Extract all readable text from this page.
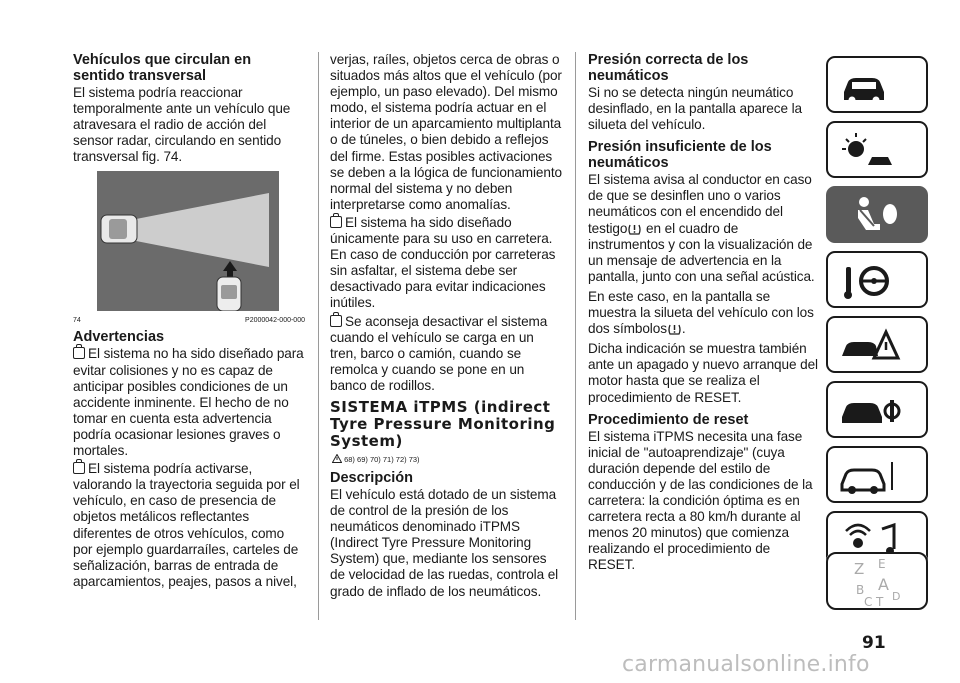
Vehículos que circulan en sentido transversal

El sistema podría reaccionar temporalmente ante un vehículo que atravesara el radio de acción del sensor radar, circulando en sentido transversal fig. 74.

74	P2000042-000-000
Advertencias

El sistema no ha sido diseñado para evitar colisiones y no es capaz de anticipar posibles condiciones de un accidente inminente. El hecho de no tomar en cuenta esta advertencia podría ocasionar lesiones graves o mortales.

El sistema podría activarse, valorando la trayectoria seguida por el vehículo, en caso de presencia de objetos metálicos reflectantes diferentes de otros vehículos, como por ejemplo guardarraíles, carteles de señalización, barras de entrada de aparcamientos, peajes, pasos a nivel,

verjas, raíles, objetos cerca de obras o situados más altos que el vehículo (por ejemplo, un paso elevado). Del mismo modo, el sistema podría actuar en el interior de un aparcamiento multiplanta o de túneles, o bien debido a reflejos del firme. Estas posibles activaciones se deben a la lógica de funcionamiento normal del sistema y no deben interpretarse como anomalías.

El sistema ha sido diseñado únicamente para su uso en carretera. En caso de conducción por carreteras sin asfaltar, el sistema debe ser desactivado para evitar indicaciones inútiles.

Se aconseja desactivar el sistema cuando el vehículo se carga en un tren, barco o camión, cuando se remolca y cuando se pone en un banco de rodillos.

SISTEMA iTPMS (indirect Tyre Pressure Monitoring System)
68) 69) 70) 71) 72) 73)
Descripción

El vehículo está dotado de un sistema de control de la presión de los neumáticos denominado iTPMS (Indirect Tyre Pressure Monitoring System) que, mediante los sensores de velocidad de las ruedas, controla el grado de inflado de los neumáticos.

Presión correcta de los neumáticos

Si no se detecta ningún neumático desinflado, en la pantalla aparece la silueta del vehículo.

Presión insuficiente de los neumáticos

El sistema avisa al conductor en caso de que se desinflen uno o varios neumáticos con el encendido del testigo en el cuadro de instrumentos y con la visualización de un mensaje de advertencia en la pantalla, junto con una señal acústica.

En este caso, en la pantalla se muestra la silueta del vehículo con los dos símbolos .

Dicha indicación se muestra también ante un apagado y nuevo arranque del motor hasta que se realiza el procedimiento de RESET.

Procedimiento de reset

El sistema iTPMS necesita una fase inicial de "autoaprendizaje" (cuya duración depende del estilo de conducción y de las condiciones de la carretera: la condición óptima es en carretera recta a 80 km/h durante al menos 20 minutos) que comienza realizando el procedimiento de RESET.	Z E
A
B
C T D
91
carmanualsonline.info
